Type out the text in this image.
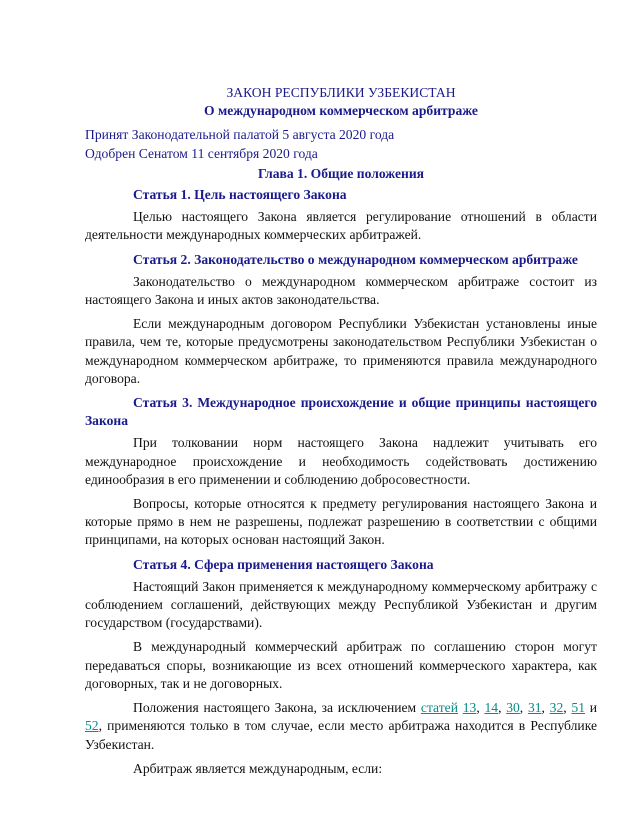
ЗАКОН РЕСПУБЛИКИ УЗБЕКИСТАН
О международном коммерческом арбитраже
Принят Законодательной палатой 5 августа 2020 года
Одобрен Сенатом 11 сентября 2020 года
Глава 1. Общие положения
Статья 1. Цель настоящего Закона

Целью настоящего Закона является регулирование отношений в области деятельности международных коммерческих арбитражей.

Статья 2. Законодательство о международном коммерческом арбитраже

Законодательство о международном коммерческом арбитраже состоит из настоящего Закона и иных актов законодательства.

Если международным договором Республики Узбекистан установлены иные правила, чем те, которые предусмотрены законодательством Республики Узбекистан о международном коммерческом арбитраже, то применяются правила международного договора.

Статья 3. Международное происхождение и общие принципы настоящего Закона

При толковании норм настоящего Закона надлежит учитывать его международное происхождение и необходимость содействовать достижению единообразия в его применении и соблюдению добросовестности.

Вопросы, которые относятся к предмету регулирования настоящего Закона и которые прямо в нем не разрешены, подлежат разрешению в соответствии с общими принципами, на которых основан настоящий Закон.

Статья 4. Сфера применения настоящего Закона

Настоящий Закон применяется к международному коммерческому арбитражу с соблюдением соглашений, действующих между Республикой Узбекистан и другим государством (государствами).

В международный коммерческий арбитраж по соглашению сторон могут передаваться споры, возникающие из всех отношений коммерческого характера, как договорных, так и не договорных.

Положения настоящего Закона, за исключением статей 13, 14, 30, 31, 32, 51 и 52, применяются только в том случае, если место арбитража находится в Республике Узбекистан.

Арбитраж является международным, если:
